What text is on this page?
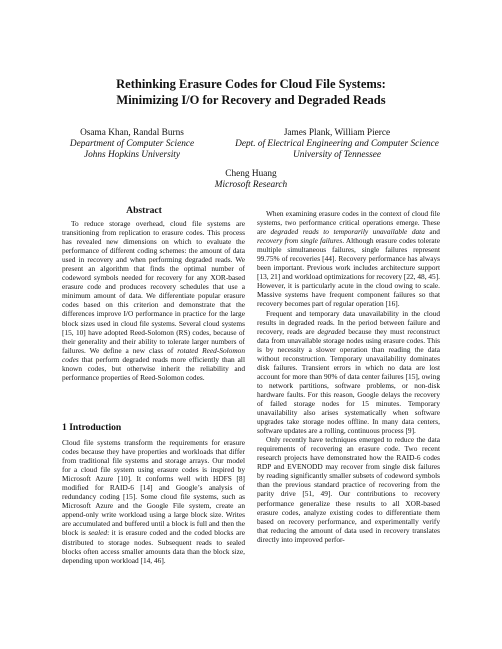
Rethinking Erasure Codes for Cloud File Systems:
Minimizing I/O for Recovery and Degraded Reads
Osama Khan, Randal Burns
Department of Computer Science
Johns Hopkins University
James Plank, William Pierce
Dept. of Electrical Engineering and Computer Science
University of Tennessee
Cheng Huang
Microsoft Research
Abstract

To reduce storage overhead, cloud file systems are transitioning from replication to erasure codes. This process has revealed new dimensions on which to evaluate the performance of different coding schemes: the amount of data used in recovery and when performing degraded reads. We present an algorithm that finds the optimal number of codeword symbols needed for recovery for any XOR-based erasure code and produces recovery schedules that use a minimum amount of data. We differentiate popular erasure codes based on this criterion and demonstrate that the differences improve I/O performance in practice for the large block sizes used in cloud file systems. Several cloud systems [15, 10] have adopted Reed-Solomon (RS) codes, because of their generality and their ability to tolerate larger numbers of failures. We define a new class of rotated Reed-Solomon codes that perform degraded reads more efficiently than all known codes, but otherwise inherit the reliability and performance properties of Reed-Solomon codes.

1 Introduction

Cloud file systems transform the requirements for erasure codes because they have properties and workloads that differ from traditional file systems and storage arrays. Our model for a cloud file system using erasure codes is inspired by Microsoft Azure [10]. It conforms well with HDFS [8] modified for RAID-6 [14] and Google’s analysis of redundancy coding [15]. Some cloud file systems, such as Microsoft Azure and the Google File system, create an append-only write workload using a large block size. Writes are accumulated and buffered until a block is full and then the block is sealed: it is erasure coded and the coded blocks are distributed to storage nodes. Subsequent reads to sealed blocks often access smaller amounts data than the block size, depending upon workload [14, 46].

When examining erasure codes in the context of cloud file systems, two performance critical operations emerge. These are degraded reads to temporarily unavailable data and recovery from single failures. Although erasure codes tolerate multiple simultaneous failures, single failures represent 99.75% of recoveries [44]. Recovery performance has always been important. Previous work includes architecture support [13, 21] and workload optimizations for recovery [22, 48, 45]. However, it is particularly acute in the cloud owing to scale. Massive systems have frequent component failures so that recovery becomes part of regular operation [16].

Frequent and temporary data unavailability in the cloud results in degraded reads. In the period between failure and recovery, reads are degraded because they must reconstruct data from unavailable storage nodes using erasure codes. This is by necessity a slower operation than reading the data without reconstruction. Temporary unavailability dominates disk failures. Transient errors in which no data are lost account for more than 90% of data center failures [15], owing to network partitions, software problems, or non-disk hardware faults. For this reason, Google delays the recovery of failed storage nodes for 15 minutes. Temporary unavailability also arises systematically when software upgrades take storage nodes offline. In many data centers, software updates are a rolling, continuous process [9].

Only recently have techniques emerged to reduce the data requirements of recovering an erasure code. Two recent research projects have demonstrated how the RAID-6 codes RDP and EVENODD may recover from single disk failures by reading significantly smaller subsets of codeword symbols than the previous standard practice of recovering from the parity drive [51, 49]. Our contributions to recovery performance generalize these results to all XOR-based erasure codes, analyze existing codes to differentiate them based on recovery performance, and experimentally verify that reducing the amount of data used in recovery translates directly into improved perfor-
